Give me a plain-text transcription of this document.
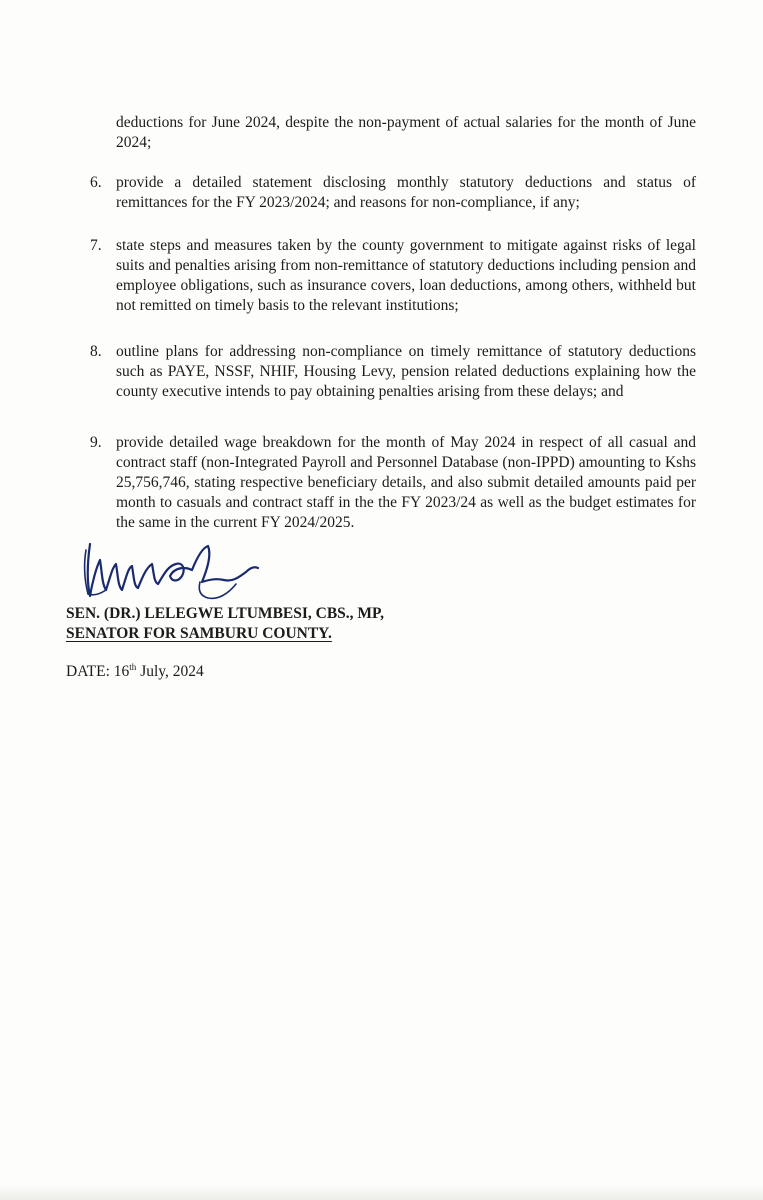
deductions for June 2024, despite the non-payment of actual salaries for the month of June 2024;

6. provide a detailed statement disclosing monthly statutory deductions and status of remittances for the FY 2023/2024; and reasons for non-compliance, if any;

7. state steps and measures taken by the county government to mitigate against risks of legal suits and penalties arising from non-remittance of statutory deductions including pension and employee obligations, such as insurance covers, loan deductions, among others, withheld but not remitted on timely basis to the relevant institutions;

8. outline plans for addressing non-compliance on timely remittance of statutory deductions such as PAYE, NSSF, NHIF, Housing Levy, pension related deductions explaining how the county executive intends to pay obtaining penalties arising from these delays; and

9. provide detailed wage breakdown for the month of May 2024 in respect of all casual and contract staff (non-Integrated Payroll and Personnel Database (non-IPPD) amounting to Kshs 25,756,746, stating respective beneficiary details, and also submit detailed amounts paid per month to casuals and contract staff in the the FY 2023/24 as well as the budget estimates for the same in the current FY 2024/2025.

SEN. (DR.) LELEGWE LTUMBESI, CBS., MP,

SENATOR FOR SAMBURU COUNTY.

DATE: 16th July, 2024
